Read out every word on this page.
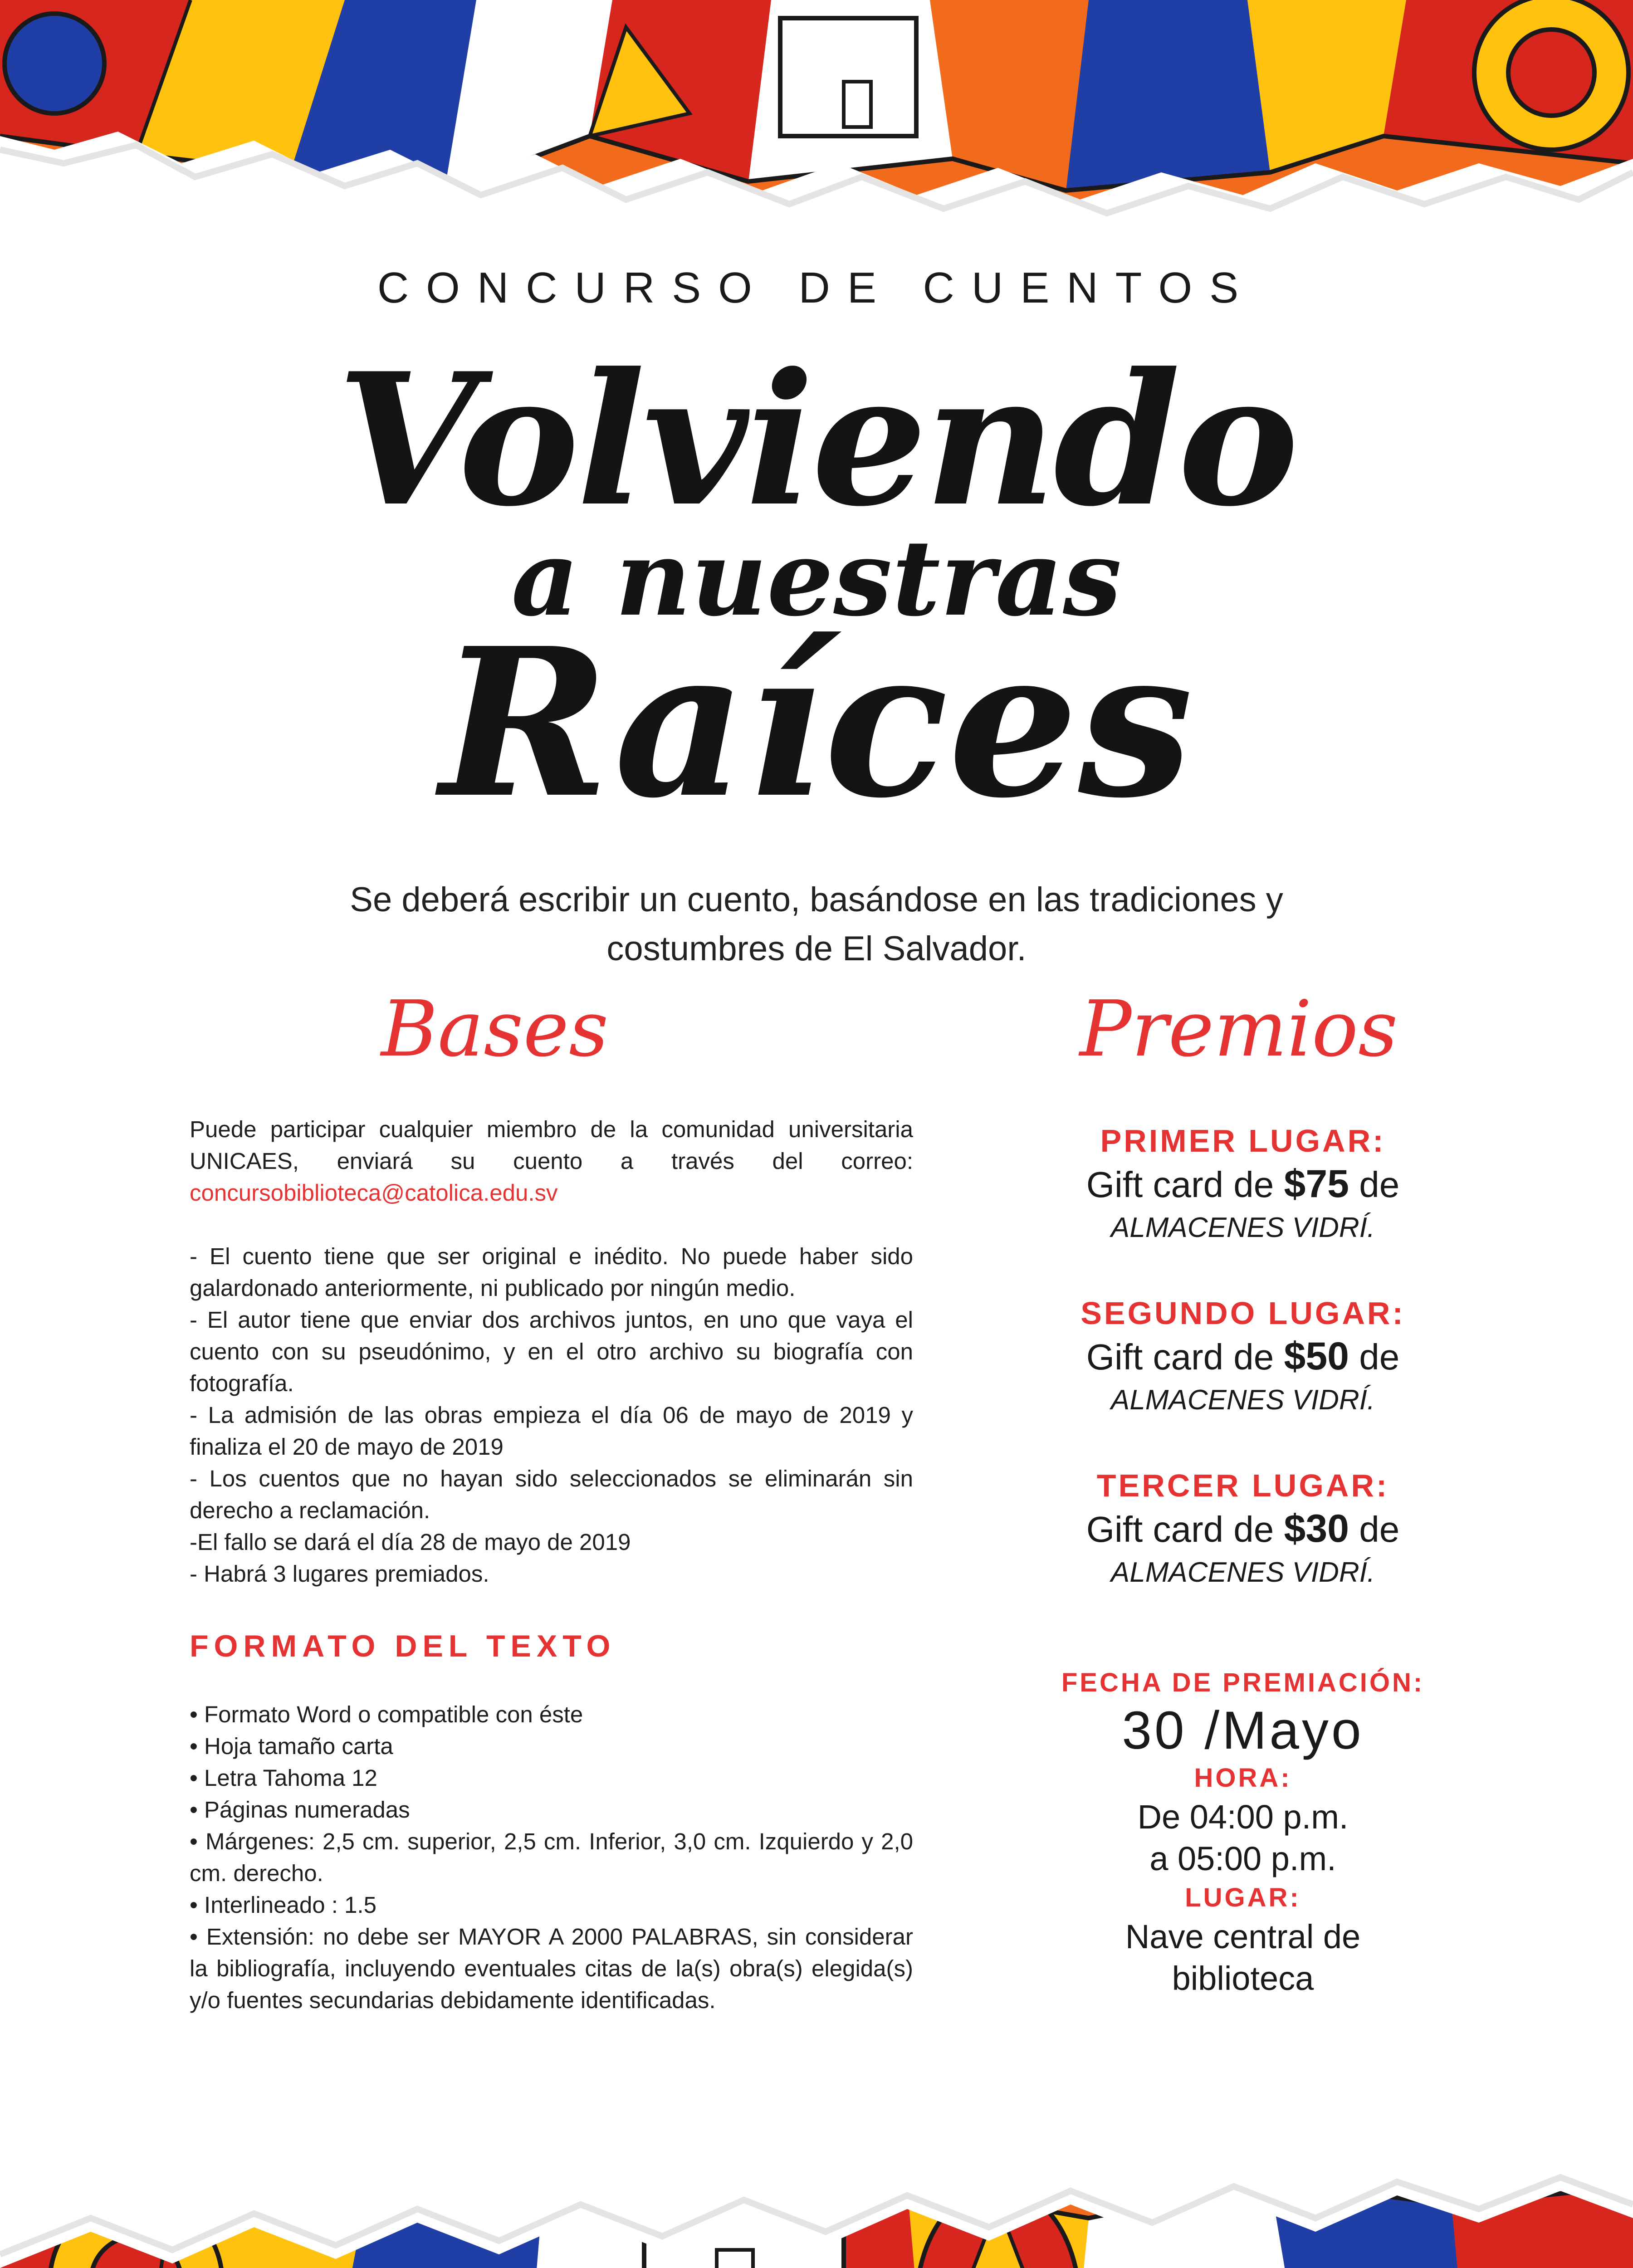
CONCURSO DE CUENTOS
Volviendo
a nuestras
Raíces
Se deberá escribir un cuento, basándose en las tradiciones y
costumbres de El Salvador.
Bases

Puede participar cualquier miembro de la comunidad universitaria UNICAES, enviará su cuento a través del correo: concursobiblioteca@catolica.edu.sv

- El cuento tiene que ser original e inédito. No puede haber sido galardonado anteriormente, ni publicado por ningún medio.

- El autor tiene que enviar dos archivos juntos, en uno que vaya el cuento con su pseudónimo, y en el otro archivo su biografía con fotografía.

- La admisión de las obras empieza el día 06 de mayo de 2019 y finaliza el 20 de mayo de 2019

- Los cuentos que no hayan sido seleccionados se eliminarán sin derecho a reclamación.

-El fallo se dará el día 28 de mayo de 2019

- Habrá 3 lugares premiados.

FORMATO DEL TEXTO

• Formato Word o compatible con éste

• Hoja tamaño carta

• Letra Tahoma 12

• Páginas numeradas

• Márgenes: 2,5 cm. superior, 2,5 cm. Inferior, 3,0 cm. Izquierdo y 2,0 cm. derecho.

• Interlineado : 1.5

• Extensión: no debe ser MAYOR A 2000 PALABRAS, sin considerar la bibliografía, incluyendo eventuales citas de la(s) obra(s) elegida(s) y/o fuentes secundarias debidamente identificadas.

Premios
PRIMER LUGAR:
Gift card de $75 de
ALMACENES VIDRÍ.
SEGUNDO LUGAR:
Gift card de $50 de
ALMACENES VIDRÍ.
TERCER LUGAR:
Gift card de $30 de
ALMACENES VIDRÍ.
FECHA DE PREMIACIÓN:
30 /Mayo
HORA:
De 04:00 p.m.
a 05:00 p.m.
LUGAR:
Nave central de
biblioteca
